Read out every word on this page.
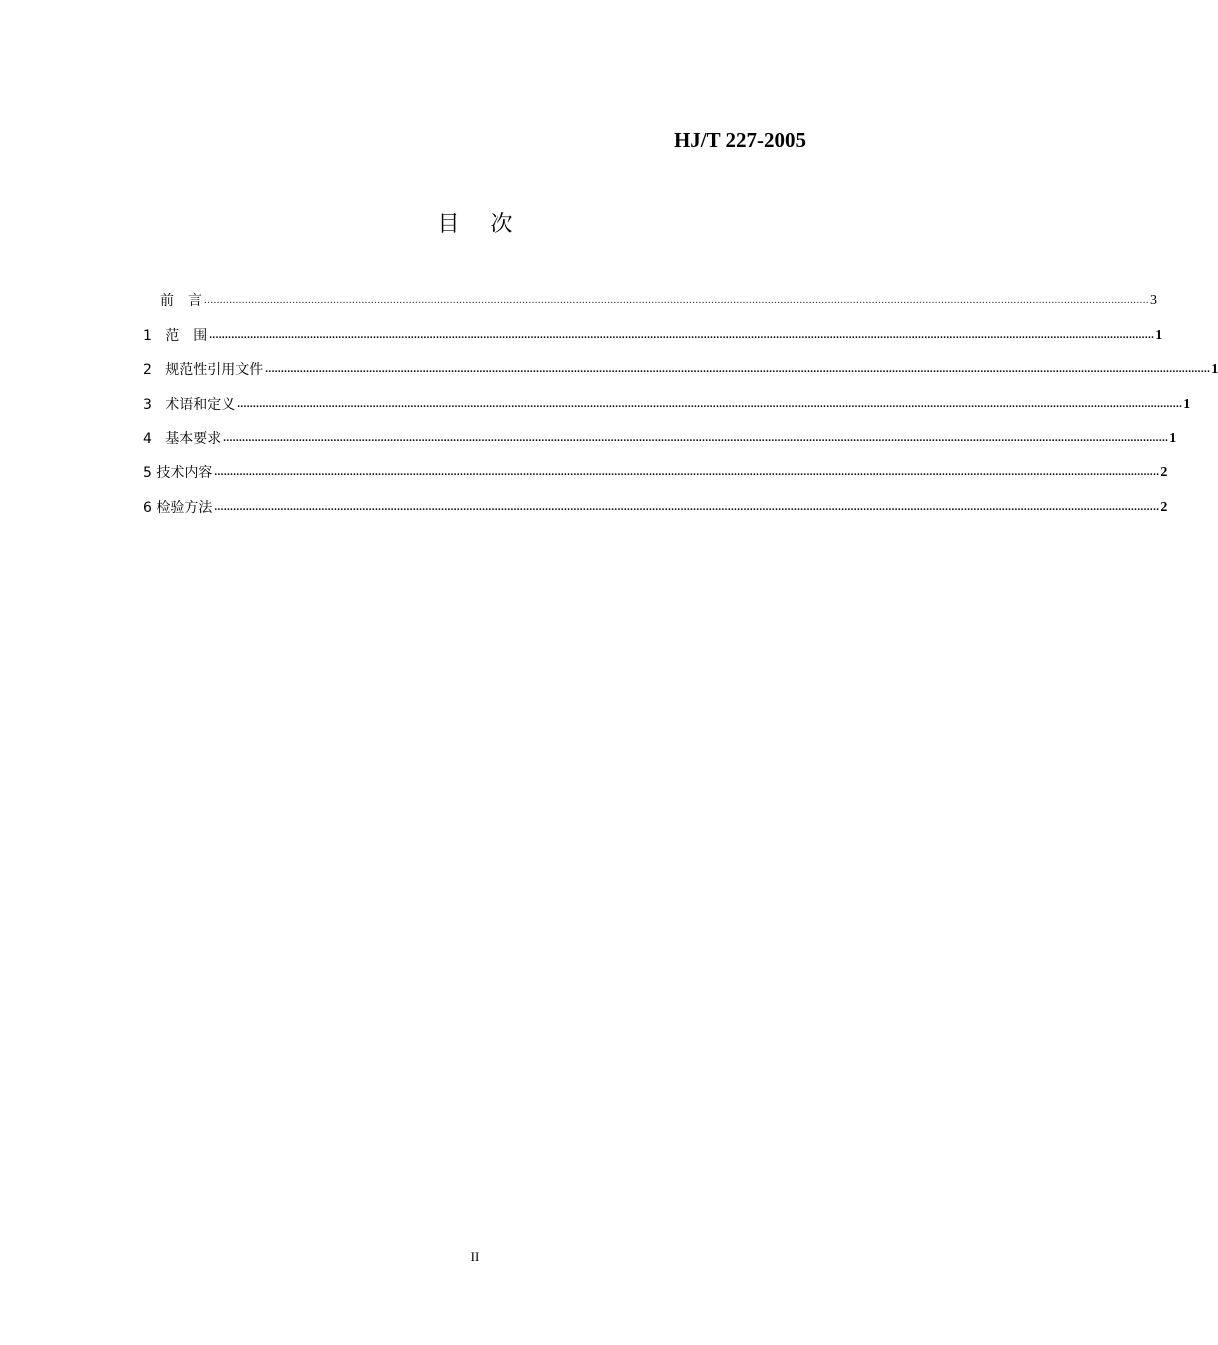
HJ/T 227-2005
目 次
前　言 ............................................................................................................................................................................................................................................................................................................ 3
1
范　围 ............................................................................................................................................................................................................................................................................................................ 1
2
规范性引用文件 ............................................................................................................................................................................................................................................................................................................ 1
3
术语和定义 ............................................................................................................................................................................................................................................................................................................ 1
4
基本要求 ............................................................................................................................................................................................................................................................................................................ 1
5
技术内容 ............................................................................................................................................................................................................................................................................................................ 2
6
检验方法 ............................................................................................................................................................................................................................................................................................................ 2
II
